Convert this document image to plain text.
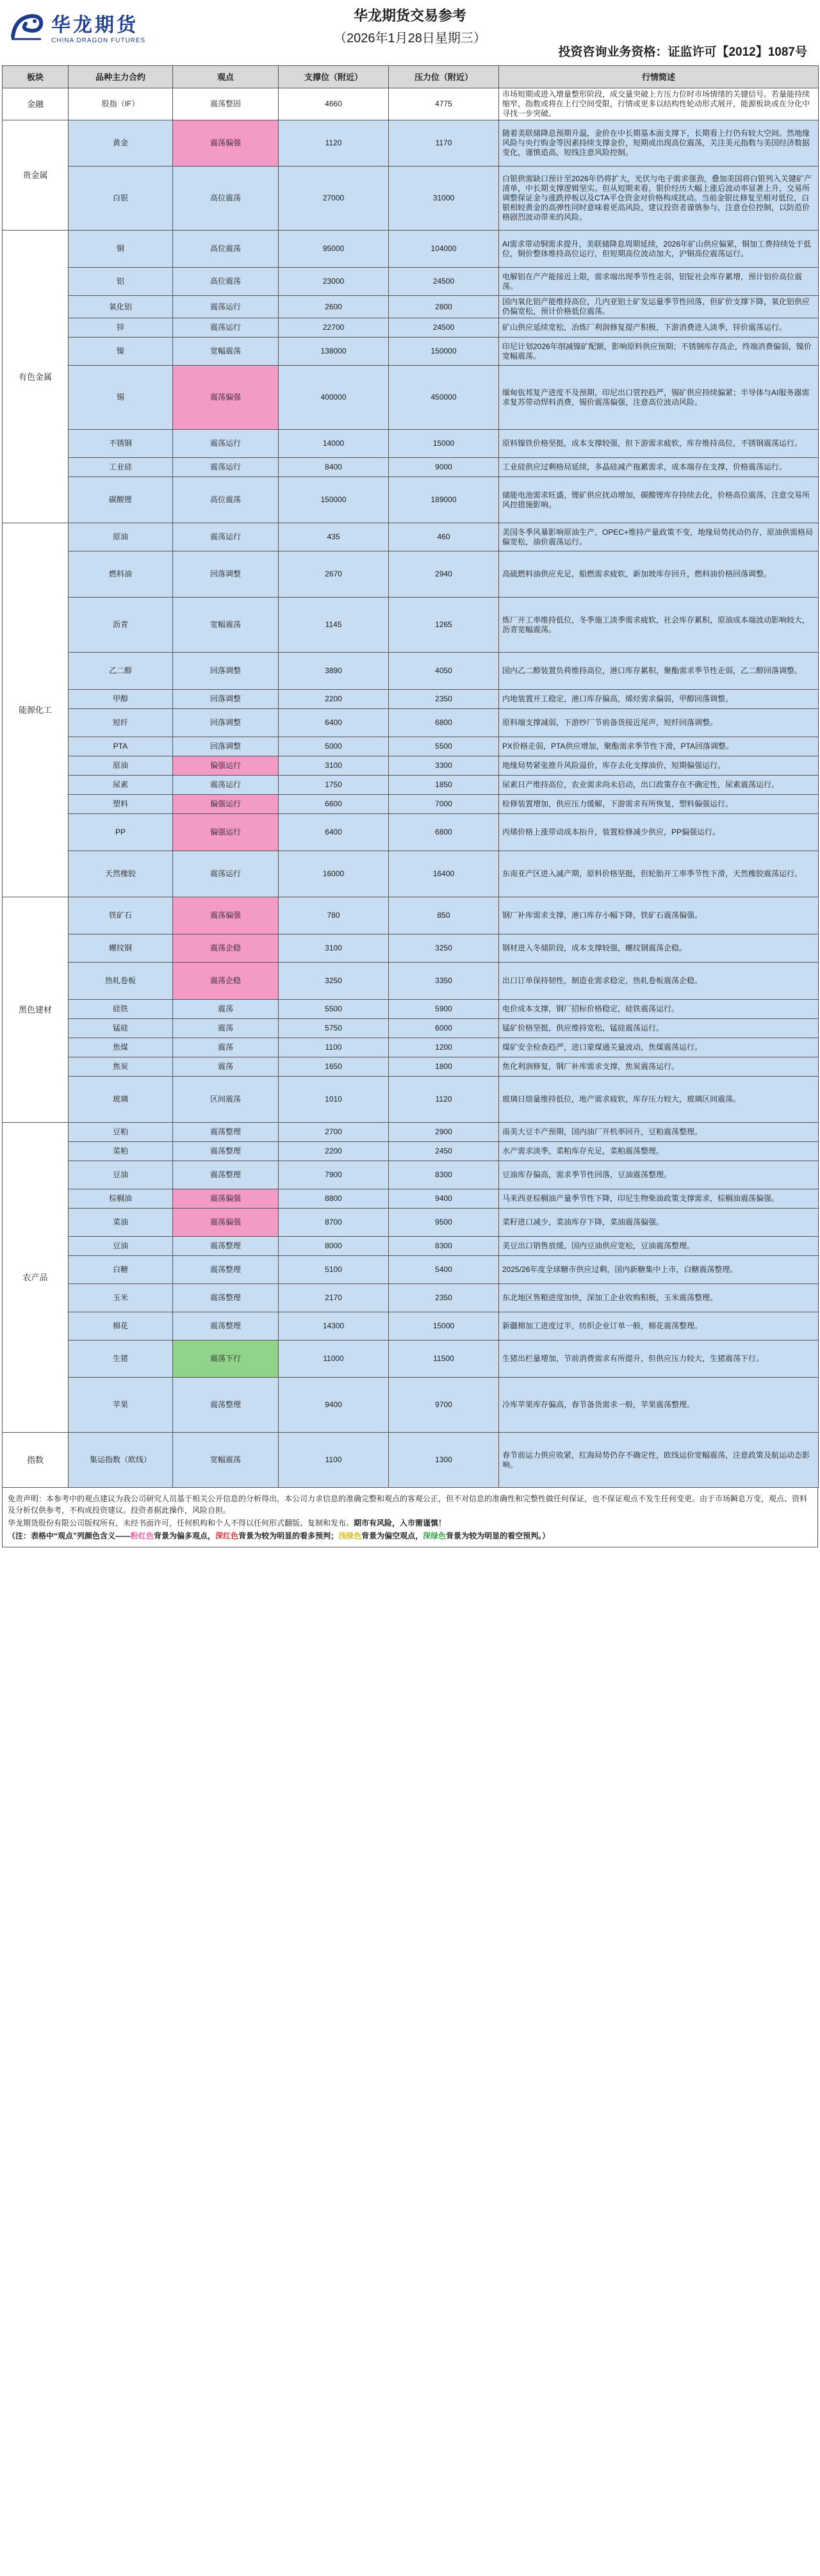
华龙期货
CHINA DRAGON FUTURES
华龙期货交易参考
（2026年1月28日星期三）
投资咨询业务资格：证监许可【2012】1087号
板块	品种主力合约	观点	支撑位（附近）	压力位（附近）	行情简述
金融	股指（IF）	震荡整固	4660	4775	市场短期或进入增量整形阶段，成交量突破上方压力位时市场情绪的关键信号。若量能持续缩窄，指数或将在上行空间受限，行情或更多以结构性轮动形式展开，能源板块或在分化中寻找一步突破。
贵金属	黄金	震荡偏强	1120	1170	随着美联储降息预期升温，金价在中长期基本面支撑下，长期看上行仍有较大空间。然地缘风险与央行购金等因素持续支撑金价，短期或出现高位震荡，关注美元指数与美国经济数据变化，谨慎追高，短线注意风险控制。
	白银	高位震荡	27000	31000	白银供需缺口预计至2026年仍将扩大，光伏与电子需求强劲，叠加美国将白银列入关键矿产清单，中长期支撑逻辑坚实。但从短期来看，银价经历大幅上涨后波动率显著上升，交易所调整保证金与涨跌停板以及CTA平仓资金对价格构成扰动。当前金银比修复至相对低位，白银相较黄金的高弹性同时意味着更高风险，建议投资者谨慎参与，注意仓位控制，以防范价格剧烈波动带来的风险。
有色金属	铜	高位震荡	95000	104000	AI需求带动铜需求提升，美联储降息周期延续，2026年矿山供应偏紧，铜加工费持续处于低位，铜价整体维持高位运行，但短期高位波动加大，沪铜高位震荡运行。
	铝	高位震荡	23000	24500	电解铝在产产能接近上限，需求端出现季节性走弱，铝锭社会库存累增，预计铝价高位震荡。
	氧化铝	震荡运行	2600	2800	国内氧化铝产能维持高位，几内亚铝土矿发运量季节性回落，但矿价支撑下降，氧化铝供应仍偏宽松，预计价格低位震荡。
	锌	震荡运行	22700	24500	矿山供应延续宽松，冶炼厂利润修复提产积极，下游消费进入淡季，锌价震荡运行。
	镍	宽幅震荡	138000	150000	印尼计划2026年削减镍矿配额，影响原料供应预期；不锈钢库存高企，终端消费偏弱，镍价宽幅震荡。
	锡	震荡偏强	400000	450000	缅甸佤邦复产进度不及预期，印尼出口管控趋严，锡矿供应持续偏紧；半导体与AI服务器需求复苏带动焊料消费，锡价震荡偏强，注意高位波动风险。
	不锈钢	震荡运行	14000	15000	原料镍铁价格坚挺，成本支撑较强，但下游需求疲软，库存维持高位，不锈钢震荡运行。
	工业硅	震荡运行	8400	9000	工业硅供应过剩格局延续，多晶硅减产拖累需求，成本端存在支撑，价格震荡运行。
	碳酸锂	高位震荡	150000	189000	储能电池需求旺盛，锂矿供应扰动增加，碳酸锂库存持续去化，价格高位震荡，注意交易所风控措施影响。
能源化工	原油	震荡运行	435	460	美国冬季风暴影响原油生产，OPEC+维持产量政策不变，地缘局势扰动仍存，原油供需格局偏宽松，油价震荡运行。
	燃料油	回落调整	2670	2940	高硫燃料油供应充足，船燃需求疲软，新加坡库存回升，燃料油价格回落调整。
	沥青	宽幅震荡	1145	1265	炼厂开工率维持低位，冬季施工淡季需求疲软，社会库存累积，原油成本端波动影响较大，沥青宽幅震荡。
	乙二醇	回落调整	3890	4050	国内乙二醇装置负荷维持高位，港口库存累积，聚酯需求季节性走弱，乙二醇回落调整。
	甲醇	回落调整	2200	2350	内地装置开工稳定，港口库存偏高，烯烃需求偏弱，甲醇回落调整。
	短纤	回落调整	6400	6800	原料端支撑减弱，下游纱厂节前备货接近尾声，短纤回落调整。
	PTA	回落调整	5000	5500	PX价格走弱，PTA供应增加，聚酯需求季节性下滑，PTA回落调整。
	原油	偏强运行	3100	3300	地缘局势紧张推升风险溢价，库存去化支撑油价，短期偏强运行。
	尿素	震荡运行	1750	1850	尿素日产维持高位，农业需求尚未启动，出口政策存在不确定性，尿素震荡运行。
	塑料	偏强运行	6600	7000	检修装置增加，供应压力缓解，下游需求有所恢复，塑料偏强运行。
	PP	偏强运行	6400	6800	丙烯价格上涨带动成本抬升，装置检修减少供应，PP偏强运行。
	天然橡胶	震荡运行	16000	16400	东南亚产区进入减产期，原料价格坚挺，但轮胎开工率季节性下滑，天然橡胶震荡运行。
黑色建材	铁矿石	震荡偏强	780	850	钢厂补库需求支撑，港口库存小幅下降，铁矿石震荡偏强。
	螺纹钢	震荡企稳	3100	3250	钢材进入冬储阶段，成本支撑较强，螺纹钢震荡企稳。
	热轧卷板	震荡企稳	3250	3350	出口订单保持韧性，制造业需求稳定，热轧卷板震荡企稳。
	硅铁	震荡	5500	5900	电价成本支撑，钢厂招标价格稳定，硅铁震荡运行。
	锰硅	震荡	5750	6000	锰矿价格坚挺，供应维持宽松，锰硅震荡运行。
	焦煤	震荡	1100	1200	煤矿安全检查趋严，进口蒙煤通关量波动，焦煤震荡运行。
	焦炭	震荡	1650	1800	焦化利润修复，钢厂补库需求支撑，焦炭震荡运行。
	玻璃	区间震荡	1010	1120	玻璃日熔量维持低位，地产需求疲软，库存压力较大，玻璃区间震荡。
农产品	豆粕	震荡整理	2700	2900	南美大豆丰产预期，国内油厂开机率回升，豆粕震荡整理。
	菜粕	震荡整理	2200	2450	水产需求淡季，菜粕库存充足，菜粕震荡整理。
	豆油	震荡整理	7900	8300	豆油库存偏高，需求季节性回落，豆油震荡整理。
	棕榈油	震荡偏强	8800	9400	马来西亚棕榈油产量季节性下降，印尼生物柴油政策支撑需求，棕榈油震荡偏强。
	菜油	震荡偏强	8700	9500	菜籽进口减少，菜油库存下降，菜油震荡偏强。
	豆油	震荡整理	8000	8300	美豆出口销售放缓，国内豆油供应宽松，豆油震荡整理。
	白糖	震荡整理	5100	5400	2025/26年度全球糖市供应过剩，国内新糖集中上市，白糖震荡整理。
	玉米	震荡整理	2170	2350	东北地区售粮进度加快，深加工企业收购积极，玉米震荡整理。
	棉花	震荡整理	14300	15000	新疆棉加工进度过半，纺织企业订单一般，棉花震荡整理。
	生猪	震荡下行	11000	11500	生猪出栏量增加，节前消费需求有所提升，但供应压力较大，生猪震荡下行。
	苹果	震荡整理	9400	9700	冷库苹果库存偏高，春节备货需求一般，苹果震荡整理。
指数	集运指数（欧线）	宽幅震荡	1100	1300	春节前运力供应收紧，红海局势仍存不确定性，欧线运价宽幅震荡，注意政策及航运动态影响。

免责声明：本参考中的观点建议为我公司研究人员基于相关公开信息的分析得出，本公司力求信息的准确完整和观点的客观公正，但不对信息的准确性和完整性做任何保证，也不保证观点不发生任何变更。由于市场瞬息万变，观点、资料及分析仅供参考，不构成投资建议。投资者据此操作，风险自担。

华龙期货股份有限公司版权所有，未经书面许可，任何机构和个人不得以任何形式翻版、复制和发布。期市有风险，入市需谨慎！

（注：表格中“观点”列颜色含义——粉红色背景为偏多观点，深红色背景为较为明显的看多预判；浅绿色背景为偏空观点，深绿色背景为较为明显的看空预判。）
